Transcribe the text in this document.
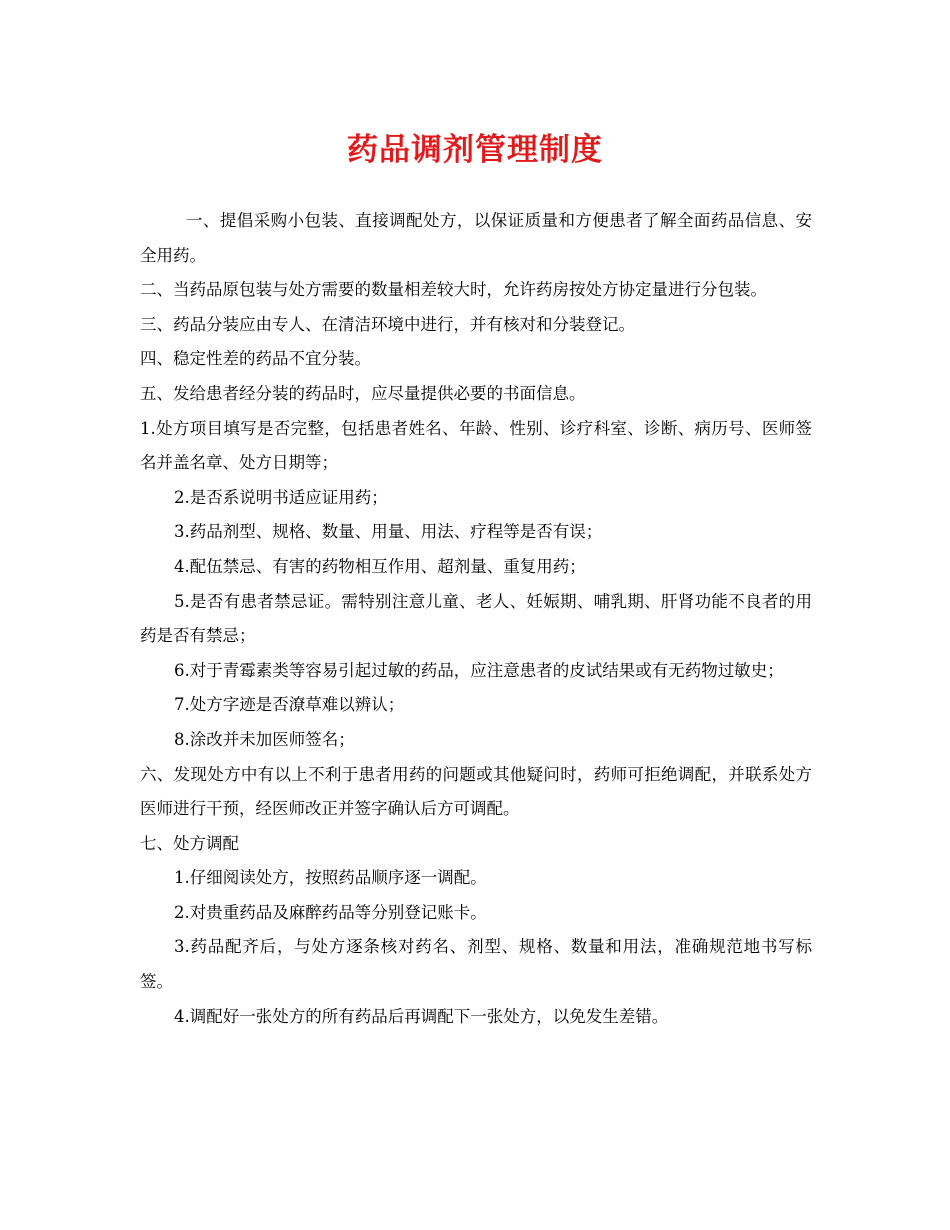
药品调剂管理制度

一、提倡采购小包装、直接调配处方，以保证质量和方便患者了解全面药品信息、安全用药。

二、当药品原包装与处方需要的数量相差较大时，允许药房按处方协定量进行分包装。

三、药品分装应由专人、在清洁环境中进行，并有核对和分装登记。

四、稳定性差的药品不宜分装。

五、发给患者经分装的药品时，应尽量提供必要的书面信息。

1.处方项目填写是否完整，包括患者姓名、年龄、性别、诊疗科室、诊断、病历号、医师签名并盖名章、处方日期等；

2.是否系说明书适应证用药；

3.药品剂型、规格、数量、用量、用法、疗程等是否有误；

4.配伍禁忌、有害的药物相互作用、超剂量、重复用药；

5.是否有患者禁忌证。需特别注意儿童、老人、妊娠期、哺乳期、肝肾功能不良者的用药是否有禁忌；

6.对于青霉素类等容易引起过敏的药品，应注意患者的皮试结果或有无药物过敏史；

7.处方字迹是否潦草难以辨认；

8.涂改并未加医师签名；

六、发现处方中有以上不利于患者用药的问题或其他疑问时，药师可拒绝调配，并联系处方医师进行干预，经医师改正并签字确认后方可调配。

七、处方调配

1.仔细阅读处方，按照药品顺序逐一调配。

2.对贵重药品及麻醉药品等分别登记账卡。

3.药品配齐后，与处方逐条核对药名、剂型、规格、数量和用法，准确规范地书写标签。

4.调配好一张处方的所有药品后再调配下一张处方，以免发生差错。
